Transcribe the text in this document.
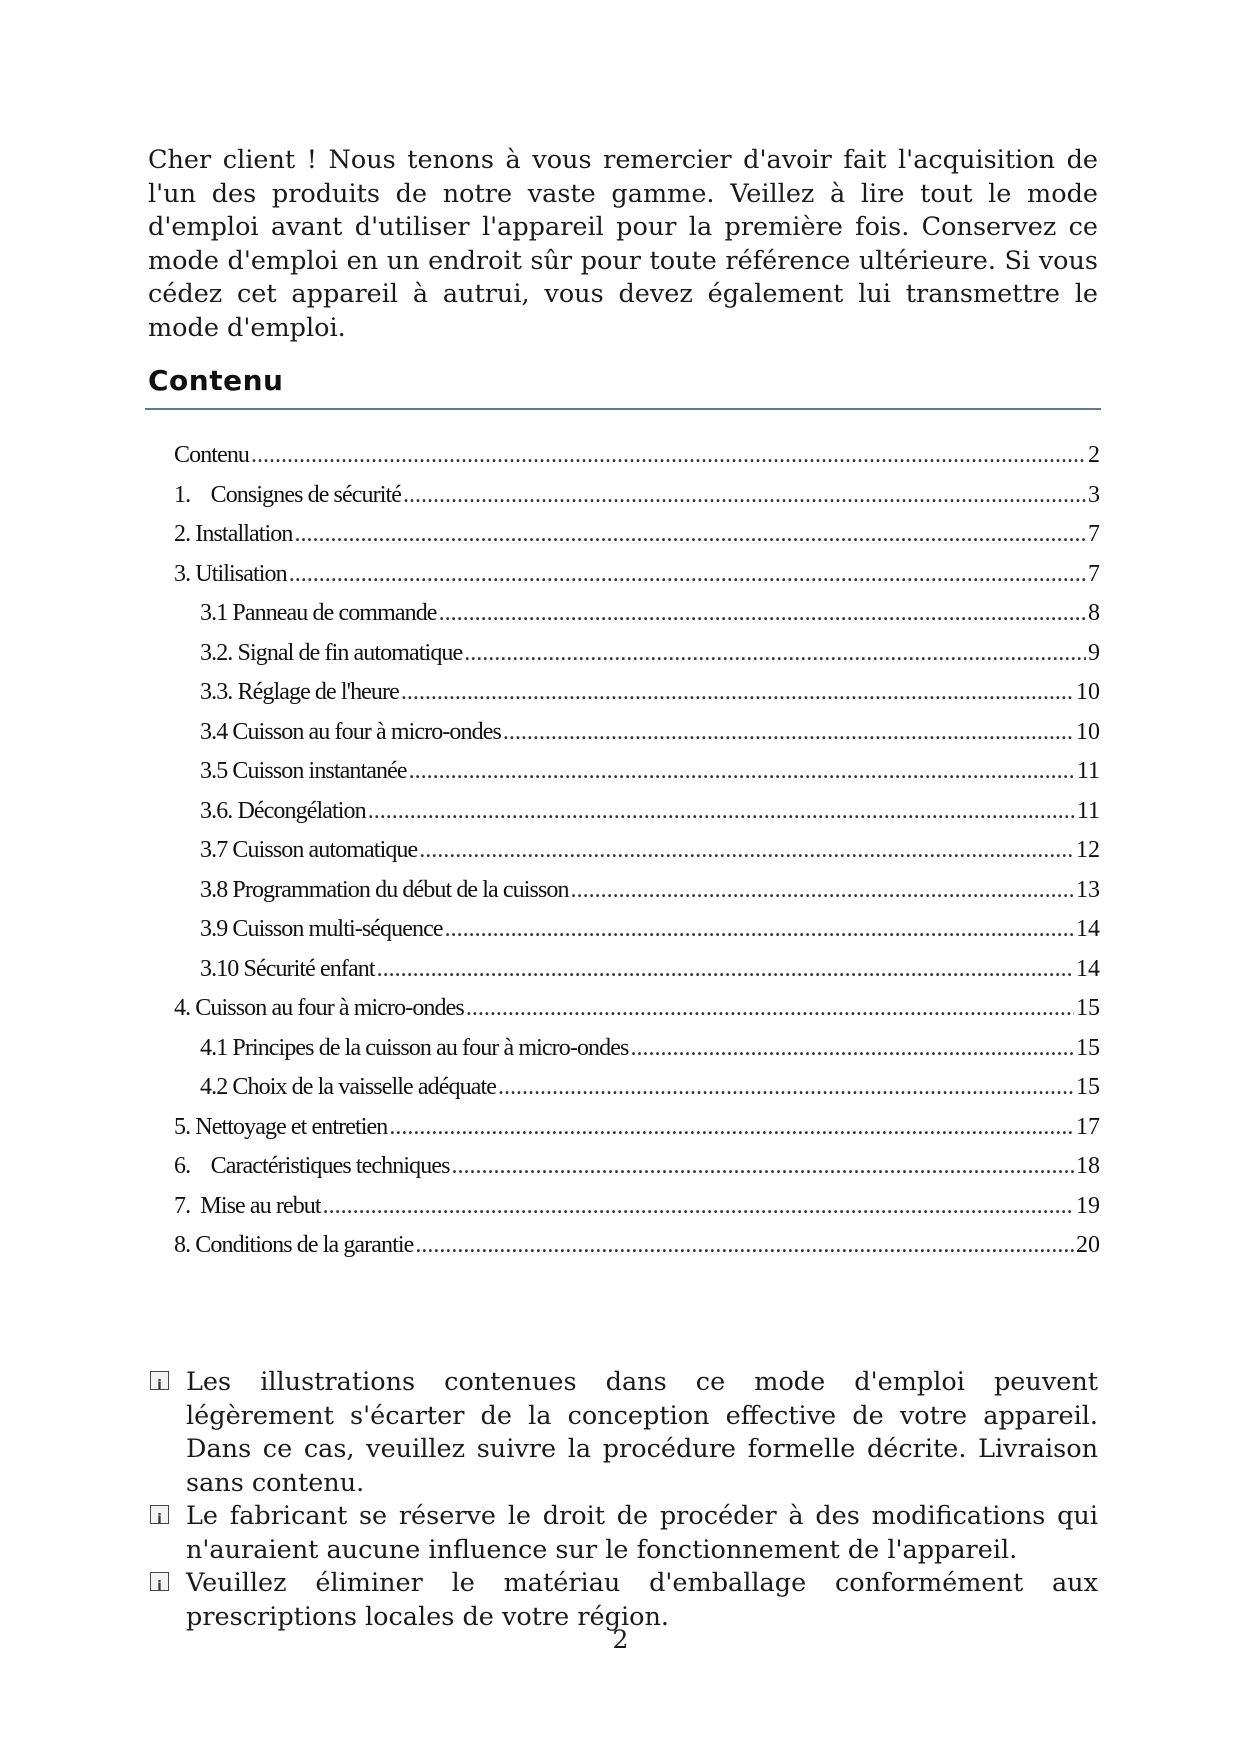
Cher client ! Nous tenons à vous remercier d'avoir fait l'acquisition de l'un des produits de notre vaste gamme. Veillez à lire tout le mode d'emploi avant d'utiliser l'appareil pour la première fois. Conservez ce mode d'emploi en un endroit sûr pour toute référence ultérieure. Si vous cédez cet appareil à autrui, vous devez également lui transmettre le mode d'emploi.

Contenu
Contenu .....	2
1.    Consignes de sécurité .....	3
2. Installation .....	7
3. Utilisation .....	7
3.1 Panneau de commande .....	8
3.2. Signal de fin automatique .....	9
3.3. Réglage de l'heure .....	10
3.4 Cuisson au four à micro-ondes .....	10
3.5 Cuisson instantanée .....	11
3.6. Décongélation .....	11
3.7 Cuisson automatique .....	12
3.8 Programmation du début de la cuisson .....	13
3.9 Cuisson multi-séquence .....	14
3.10 Sécurité enfant .....	14
4. Cuisson au four à micro-ondes .....	15
4.1 Principes de la cuisson au four à micro-ondes .....	15
4.2 Choix de la vaisselle adéquate .....	15
5. Nettoyage et entretien .....	17
6.    Caractéristiques techniques .....	18
7.  Mise au rebut .....	19
8. Conditions de la garantie .....	20
i
Les illustrations contenues dans ce mode d'emploi peuvent légèrement s'écarter de la conception effective de votre appareil. Dans ce cas, veuillez suivre la procédure formelle décrite. Livraison sans contenu.
i
Le fabricant se réserve le droit de procéder à des modifications qui n'auraient aucune influence sur le fonctionnement de l'appareil.
i
Veuillez éliminer le matériau d'emballage conformément aux prescriptions locales de votre région.
2
